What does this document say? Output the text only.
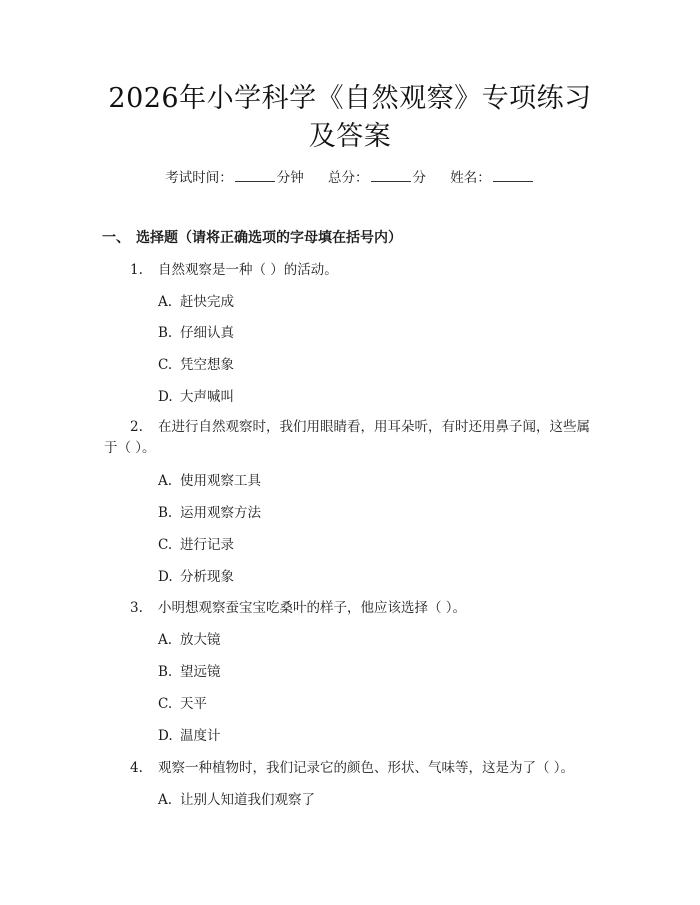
2026年小学科学《自然观察》专项练习及答案
考试时间：	分钟 总分：	分 姓名：
一、 选择题（请将正确选项的字母填在括号内）
1. 自然观察是一种（ ）的活动。
A. 赶快完成
B. 仔细认真
C. 凭空想象
D. 大声喊叫
2. 在进行自然观察时，我们用眼睛看，用耳朵听，有时还用鼻子闻，这些属
于（ ）。
A. 使用观察工具
B. 运用观察方法
C. 进行记录
D. 分析现象
3. 小明想观察蚕宝宝吃桑叶的样子，他应该选择（ ）。
A. 放大镜
B. 望远镜
C. 天平
D. 温度计
4. 观察一种植物时，我们记录它的颜色、形状、气味等，这是为了（ ）。
A. 让别人知道我们观察了
